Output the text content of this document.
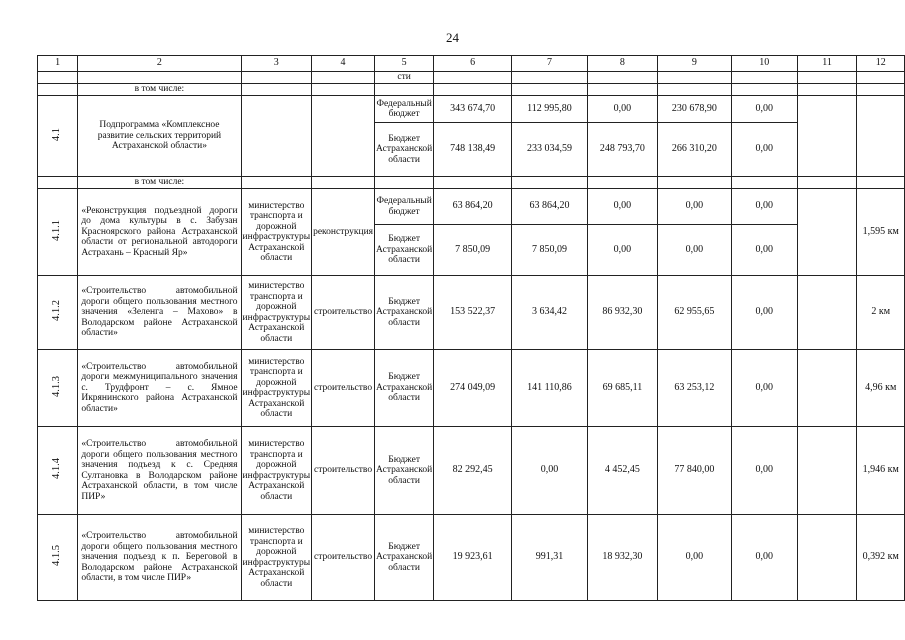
24
1	2	3	4	5	6	7	8	9	10	11	12
				сти							
	в том числе:										
4.1	Подпрограмма «Комплексное развитие сельских территорий Астраханской области»			Федеральный бюджет	343 674,70	112 995,80	0,00	230 678,90	0,00		
				Бюджет Астраханской области	748 138,49	233 034,59	248 793,70	266 310,20	0,00		
	в том числе:										
4.1.1	«Реконструкция подъездной дороги до дома культуры в с. Забузан Красноярского района Астраханской области от региональной автодороги Астрахань – Красный Яр»	министерство транспорта и дорожной инфраструктуры Астраханской области	реконструкция	Федеральный бюджет	63 864,20	63 864,20	0,00	0,00	0,00		1,595 км
				Бюджет Астраханской области	7 850,09	7 850,09	0,00	0,00	0,00		
4.1.2	«Строительство автомобильной дороги общего пользования местного значения «Зеленга – Махово» в Володарском районе Астраханской области»	министерство транспорта и дорожной инфраструктуры Астраханской области	строительство	Бюджет Астраханской области	153 522,37	3 634,42	86 932,30	62 955,65	0,00		2 км
4.1.3	«Строительство автомобильной дороги межмуниципального значения с. Трудфронт – с. Ямное Икрянинского района Астраханской области»	министерство транспорта и дорожной инфраструктуры Астраханской области	строительство	Бюджет Астраханской области	274 049,09	141 110,86	69 685,11	63 253,12	0,00		4,96 км
4.1.4	«Строительство автомобильной дороги общего пользования местного значения подъезд к с. Средняя Султановка в Володарском районе Астраханской области, в том числе ПИР»	министерство транспорта и дорожной инфраструктуры Астраханской области	строительство	Бюджет Астраханской области	82 292,45	0,00	4 452,45	77 840,00	0,00		1,946 км
4.1.5	«Строительство автомобильной дороги общего пользования местного значения подъезд к п. Береговой в Володарском районе Астраханской области, в том числе ПИР»	министерство транспорта и дорожной инфраструктуры Астраханской области	строительство	Бюджет Астраханской области	19 923,61	991,31	18 932,30	0,00	0,00		0,392 км
